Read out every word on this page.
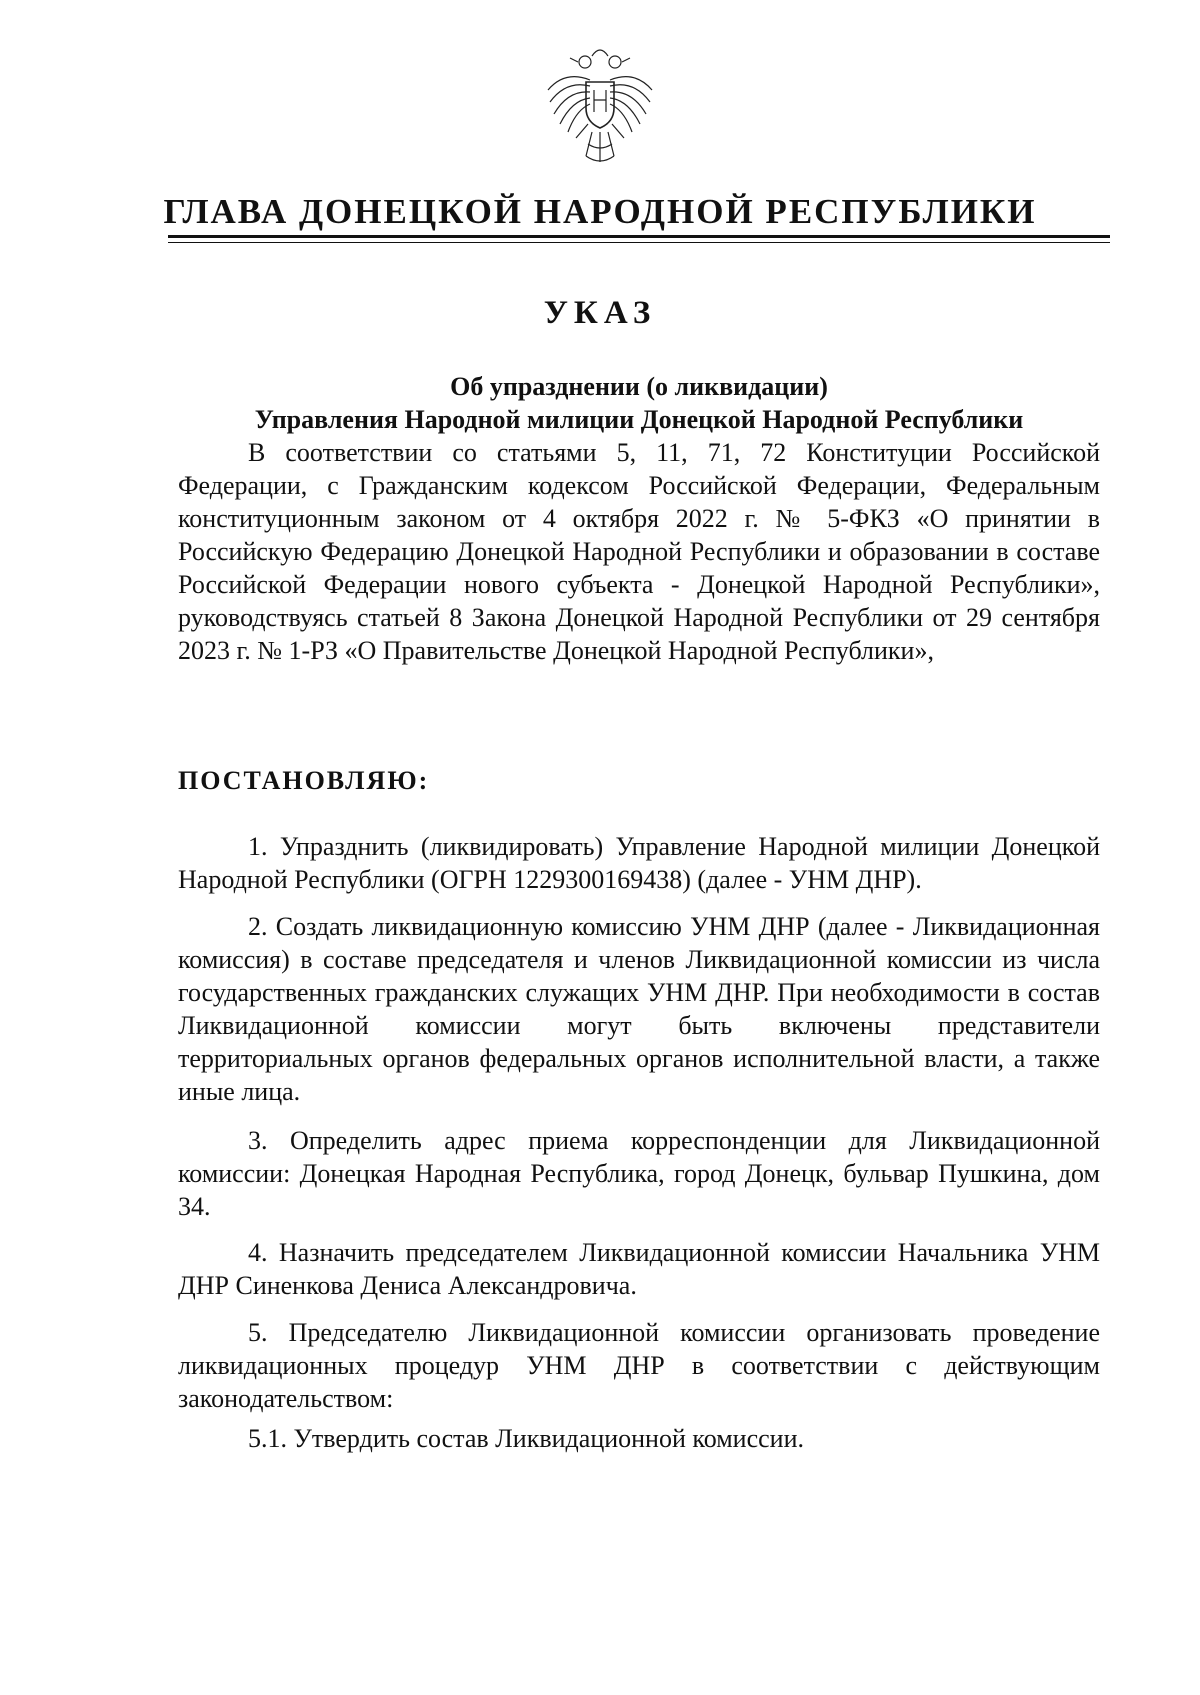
ГЛАВА ДОНЕЦКОЙ НАРОДНОЙ РЕСПУБЛИКИ
УКАЗ
Об упразднении (о ликвидации)
Управления Народной милиции Донецкой Народной Республики

В соответствии со статьями 5, 11, 71, 72 Конституции Российской Федерации, с Гражданским кодексом Российской Федерации, Федеральным конституционным законом от 4 октября 2022 г. № 5-ФКЗ «О принятии в Российскую Федерацию Донецкой Народной Республики и образовании в составе Российской Федерации нового субъекта - Донецкой Народной Республики», руководствуясь статьей 8 Закона Донецкой Народной Республики от 29 сентября 2023 г. № 1-РЗ «О Правительстве Донецкой Народной Республики»,

ПОСТАНОВЛЯЮ:

1. Упразднить (ликвидировать) Управление Народной милиции Донецкой Народной Республики (ОГРН 1229300169438) (далее - УНМ ДНР).

2. Создать ликвидационную комиссию УНМ ДНР (далее - Ликвидационная комиссия) в составе председателя и членов Ликвидационной комиссии из числа государственных гражданских служащих УНМ ДНР. При необходимости в состав Ликвидационной комиссии могут быть включены представители территориальных органов федеральных органов исполнительной власти, а также иные лица.

3. Определить адрес приема корреспонденции для Ликвидационной комиссии: Донецкая Народная Республика, город Донецк, бульвар Пушкина, дом 34.

4. Назначить председателем Ликвидационной комиссии Начальника УНМ ДНР Синенкова Дениса Александровича.

5. Председателю Ликвидационной комиссии организовать проведение ликвидационных процедур УНМ ДНР в соответствии с действующим законодательством:

5.1. Утвердить состав Ликвидационной комиссии.
